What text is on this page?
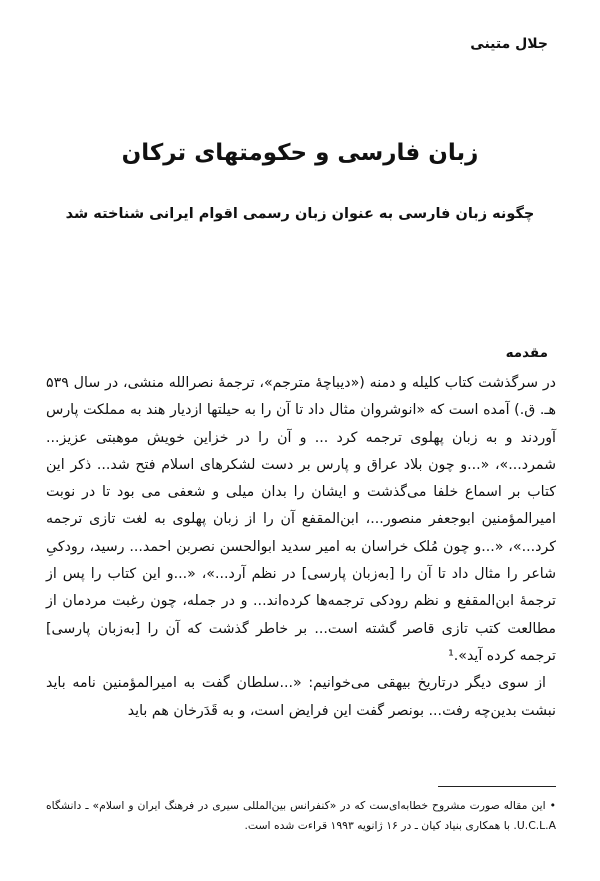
جلال متینی
زبان فارسی و حکومتهای ترکان
چگونه زبان فارسی به عنوان زبان رسمی اقوام ایرانی شناخته شد
مقدمه

در سرگذشت کتاب کلیله و دمنه («دیباچۀ مترجم»، ترجمۀ نصرالله منشی، در سال ۵۳۹ هـ. ق.) آمده است که «انوشروان مثال داد تا آن را به حیلتها ازدیار هند به مملکت پارس آوردند و به زبان پهلوی ترجمه کرد ... و آن را در خزاین خویش موهبتی عزیز... شمرد...»، «...و چون بلاد عراق و پارس بر دست لشکرهای اسلام فتح شد... ذکر این کتاب بر اسماع خلفا می‌گذشت و ایشان را بدان میلی و شعفی می بود تا در نوبت امیرالمؤمنین ابوجعفر منصور...، ابن‌المقفع آن را از زبان پهلوی به لغت تازی ترجمه کرد...»، «...و چون مُلک خراسان به امیر سدید ابوالحسن نصربن احمد... رسید، رودکیِ شاعر را مثال داد تا آن را [به‌زبان پارسی] در نظم آرد...»، «...و این کتاب را پس از ترجمۀ ابن‌المقفع و نظم رودکی ترجمه‌ها کرده‌اند... و در جمله، چون رغبت مردمان از مطالعت کتب تازی قاصر گشته است... بر خاطر گذشت که آن را [به‌زبان پارسی] ترجمه کرده آید».¹

از سوی دیگر درتاریخ بیهقی می‌خوانیم: «...سلطان گفت به امیرالمؤمنین نامه باید نبشت بدین‌چه رفت... بونصر گفت این فرایض است، و به قَدَرخان هم باید

• این مقاله صورت مشروح خطابه‌ای‌ست که در «کنفرانس بین‌المللی سیری در فرهنگ ایران و اسلام» ـ دانشگاه U.C.L.A. با همکاری بنیاد کیان ـ در ۱۶ ژانویه ۱۹۹۳ قراءت شده است.
